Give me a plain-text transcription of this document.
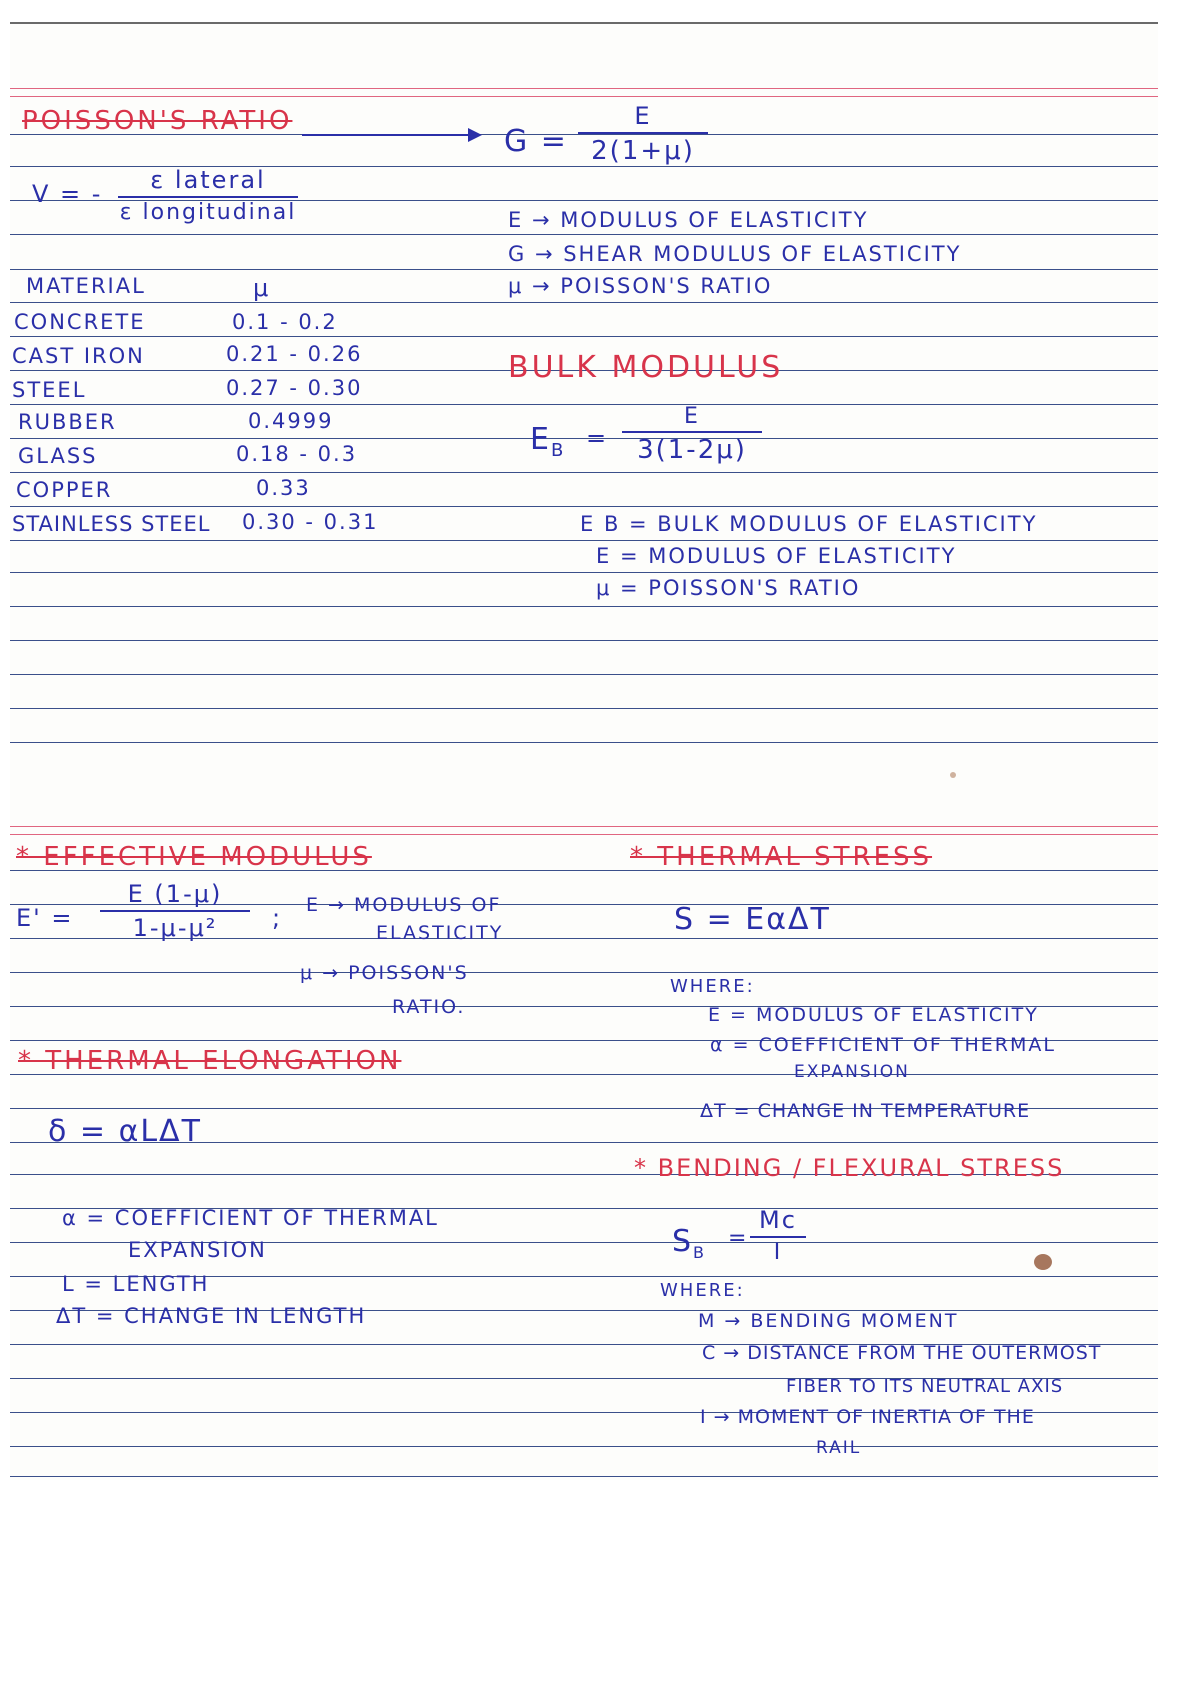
POISSON'S RATIO
V = -	ε lateral
ε longitudinal
MATERIAL	μ
CONCRETE	0.1 - 0.2
CAST IRON	0.21 - 0.26
STEEL	0.27 - 0.30
RUBBER	0.4999
GLASS	0.18 - 0.3
COPPER	0.33
STAINLESS STEEL 0.30 - 0.31
G =
E
2(1+μ)
E → MODULUS OF ELASTICITY
G → SHEAR MODULUS OF ELASTICITY
μ → POISSON'S RATIO
BULK MODULUS
$E_B$ =
E
3(1-2μ)
E B = BULK MODULUS OF ELASTICITY
E = MODULUS OF ELASTICITY
μ = POISSON'S RATIO
* EFFECTIVE MODULUS
E' =
E (1-μ)
1-μ-μ²	; E → MODULUS OF
ELASTICITY
μ → POISSON'S
RATIO.
* THERMAL ELONGATION
δ = αLΔT
α = COEFFICIENT OF THERMAL
EXPANSION
L = LENGTH
ΔT = CHANGE IN LENGTH
* THERMAL STRESS
S = EαΔT
WHERE:
E = MODULUS OF ELASTICITY
α = COEFFICIENT OF THERMAL
EXPANSION
ΔT = CHANGE IN TEMPERATURE
* BENDING / FLEXURAL STRESS
$S_B$
=
Mc
I
WHERE:
M → BENDING MOMENT
C → DISTANCE FROM THE OUTERMOST
FIBER TO ITS NEUTRAL AXIS
I → MOMENT OF INERTIA OF THE
RAIL
